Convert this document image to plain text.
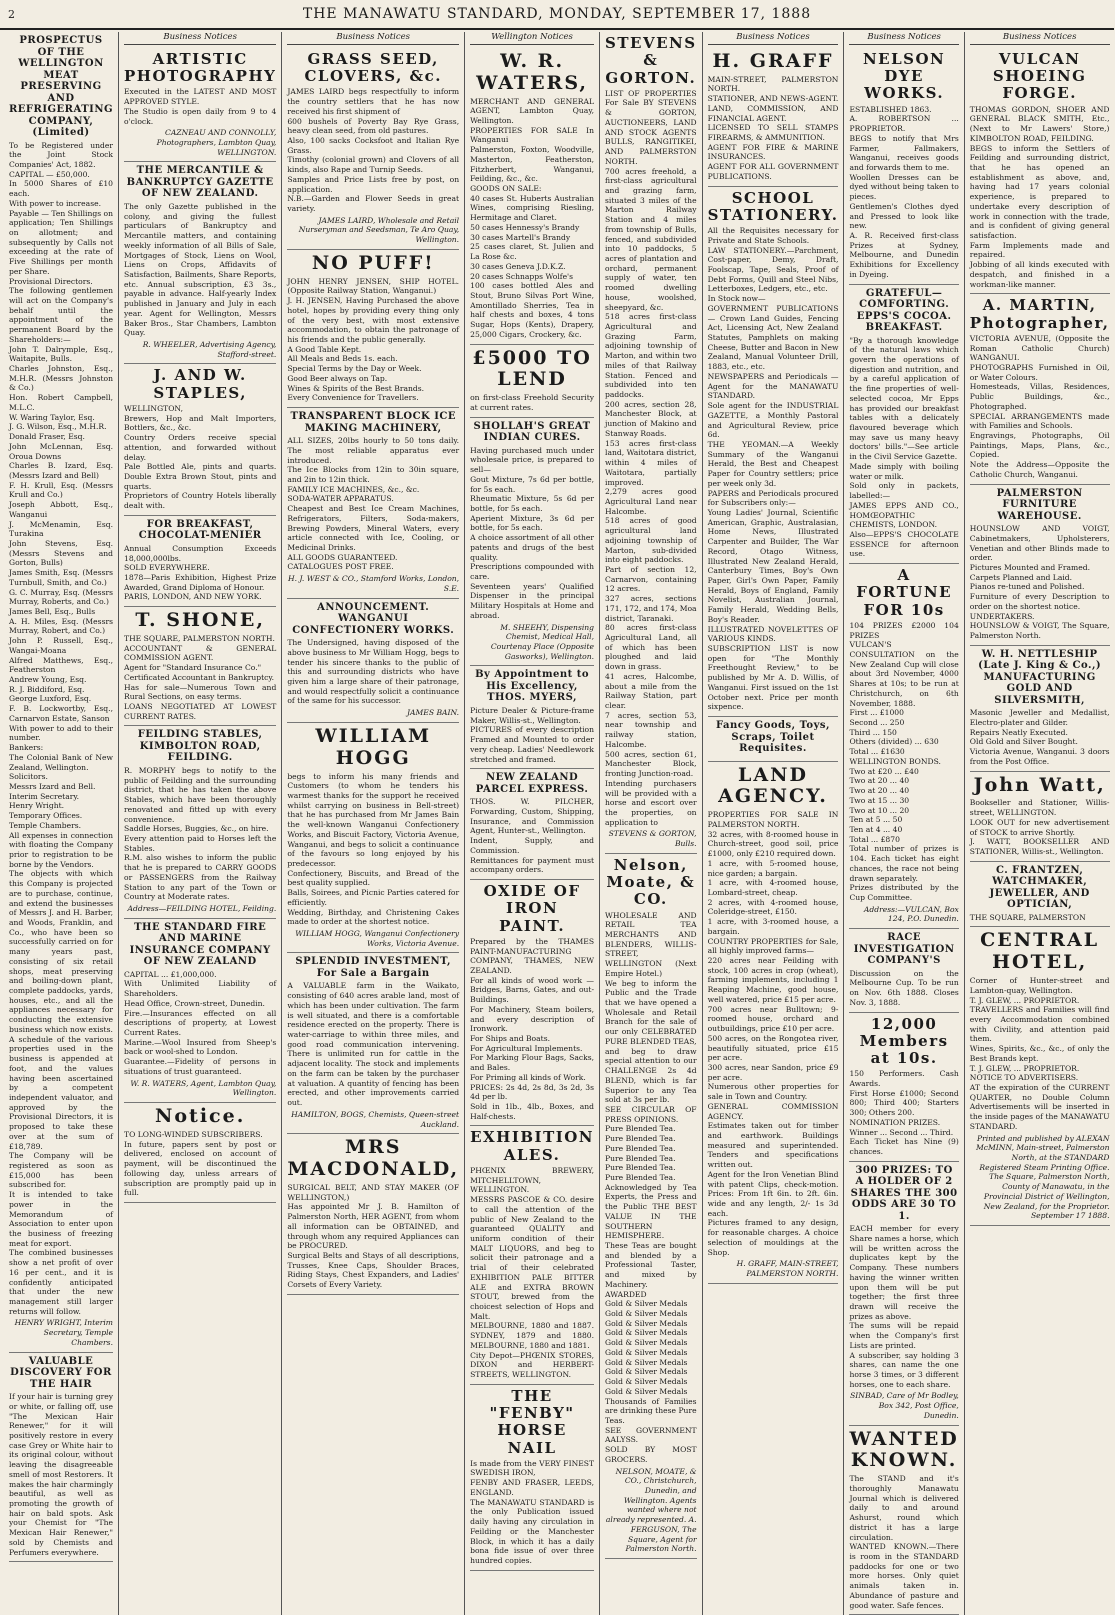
2	THE MANAWATU STANDARD, MONDAY, SEPTEMBER 17, 1888
PROSPECTUS OF THE WELLINGTON MEAT PRESERVING AND REFRIGERATING COMPANY, (Limited)
To be Registered under the Joint Stock Companies' Act, 1882.
CAPITAL — £50,000.
In 5000 Shares of £10 each.
With power to increase.
Payable — Ten Shillings on application; Ten Shillings on allotment; and subsequently by Calls not exceeding at the rate of Five Shillings per month per Share.
Provisional Directors.
The following gentlemen will act on the Company's behalf until the appointment of the permanent Board by the Shareholders:—
John T. Dalrymple, Esq., Waitapite, Bulls.
Charles Johnston, Esq., M.H.R. (Messrs Johnston & Co.)
Hon. Robert Campbell, M.L.C.
W. Waring Taylor, Esq.
J. G. Wilson, Esq., M.H.R.
Donald Fraser, Esq.
John McLennan, Esq. Oroua Downs
Charles B. Izard, Esq. (Messrs Izard and Bell)
F. H. Krull, Esq. (Messrs Krull and Co.)
Joseph Abbott, Esq., Wanganui
J. McMenamin, Esq. Turakina
John Stevens, Esq. (Messrs Stevens and Gorton, Bulls)
James Smith, Esq. (Messrs Turnbull, Smith, and Co.)
G. C. Murray, Esq. (Messrs Murray, Roberts, and Co.)
James Bell, Esq., Bulls
A. H. Miles, Esq. (Messrs Murray, Robert, and Co.)
John P. Russell, Esq., Wangai-Moana
Alfred Matthews, Esq., Featherston
Andrew Young, Esq.
R. J. Biddiford, Esq.
George Luxford, Esq.
F. B. Lockwortby, Esq., Carnarvon Estate, Sanson
With power to add to their number.
Bankers:
The Colonial Bank of New Zealand, Wellington.
Solicitors.
Messrs Izard and Bell.
Interim Secretary.
Henry Wright.
Temporary Offices.
Temple Chambers.
All expenses in connection with floating the Company prior to registration to be borne by the Vendors.
The objects with which this Company is projected are to purchase, continue, and extend the businesses of Messrs J. and H. Barber, and Woods, Franklin, and Co., who have been so successfully carried on for many years past, consisting of six retail shops, meat preserving and boiling-down plant, complete paddocks, yards, houses, etc., and all the appliances necessary for conducting the extensive business which now exists.
A schedule of the various properties used in the business is appended at foot, and the values having been ascertained by a competent independent valuator, and approved by the Provisional Directors, it is proposed to take these over at the sum of £18,789.
The Company will be registered as soon as £15,000 has been subscribed for.
It is intended to take power in the Memorandum of Association to enter upon the business of freezing meat for export.
The combined businesses show a net profit of over 16 per cent., and it is confidently anticipated that under the new management still larger returns will follow.
HENRY WRIGHT, Interim Secretary, Temple Chambers.
VALUABLE DISCOVERY FOR THE HAIR
If your hair is turning grey or white, or falling off, use "The Mexican Hair Renewer," for it will positively restore in every case Grey or White hair to its original colour, without leaving the disagreeable smell of most Restorers. It makes the hair charmingly beautiful, as well as promoting the growth of hair on bald spots. Ask your Chemist for "The Mexican Hair Renewer," sold by Chemists and Perfumers everywhere.
Business Notices
ARTISTIC PHOTOGRAPHY
Executed in the LATEST AND MOST APPROVED STYLE.
The Studio is open daily from 9 to 4 o'clock.
CAZNEAU AND CONNOLLY, Photographers, Lambton Quay, WELLINGTON.
THE MERCANTILE & BANKRUPTCY GAZETTE OF NEW ZEALAND.
The only Gazette published in the colony, and giving the fullest particulars of Bankruptcy and Mercantile matters, and containing weekly information of all Bills of Sale, Mortgages of Stock, Liens on Wool, Liens on Crops, Affidavits of Satisfaction, Bailments, Share Reports, etc. Annual subscription, £3 3s., payable in advance. Half-yearly Index published in January and July in each year. Agent for Wellington, Messrs Baker Bros., Star Chambers, Lambton Quay.
R. WHEELER, Advertising Agency, Stafford-street.
J. AND W. STAPLES,
WELLINGTON,
Brewers, Hop and Malt Importers, Bottlers, &c., &c.
Country Orders receive special attention, and forwarded without delay.
Pale Bottled Ale, pints and quarts. Double Extra Brown Stout, pints and quarts.
Proprietors of Country Hotels liberally dealt with.
FOR BREAKFAST, CHOCOLAT-MENIER
Annual Consumption Exceeds 18,000,000lbs.
SOLD EVERYWHERE.
1878—Paris Exhibition, Highest Prize Awarded, Grand Diploma of Honour.
PARIS, LONDON, AND NEW YORK.
T. SHONE,
THE SQUARE, PALMERSTON NORTH.
ACCOUNTANT & GENERAL COMMISSION AGENT.
Agent for "Standard Insurance Co."
Certificated Accountant in Bankruptcy.
Has for sale—Numerous Town and Rural Sections, on easy terms.
LOANS NEGOTIATED AT LOWEST CURRENT RATES.
FEILDING STABLES, KIMBOLTON ROAD, FEILDING.
R. MORPHY begs to notify to the public of Feilding and the surrounding district, that he has taken the above Stables, which have been thoroughly renovated and fitted up with every convenience.
Saddle Horses, Buggies, &c., on hire.
Every attention paid to Horses left the Stables.
R.M. also wishes to inform the public that he is prepared to CARRY GOODS or PASSENGERS from the Railway Station to any part of the Town or Country at Moderate rates.
Address—FEILDING HOTEL, Feilding.
THE STANDARD FIRE AND MARINE INSURANCE COMPANY OF NEW ZEALAND
CAPITAL ... £1,000,000.
With Unlimited Liability of Shareholders.
Head Office, Crown-street, Dunedin.
Fire.—Insurances effected on all descriptions of property, at Lowest Current Rates.
Marine.—Wool Insured from Sheep's back or wool-shed to London.
Guarantee.—Fidelity of persons in situations of trust guaranteed.
W. R. WATERS, Agent, Lambton Quay, Wellington.
Notice.
TO LONG-WINDED SUBSCRIBERS.
In future, papers sent by post or delivered, enclosed on account of payment, will be discontinued the following day, unless arrears of subscription are promptly paid up in full.
Business Notices
GRASS SEED, CLOVERS, &c.
JAMES LAIRD begs respectfully to inform the country settlers that he has now received his first shipment of
600 bushels of Poverty Bay Rye Grass, heavy clean seed, from old pastures.
Also, 100 sacks Cocksfoot and Italian Rye Grass.
Timothy (colonial grown) and Clovers of all kinds, also Rape and Turnip Seeds.
Samples and Price Lists free by post, on application.
N.B.—Garden and Flower Seeds in great variety.
JAMES LAIRD, Wholesale and Retail Nurseryman and Seedsman, Te Aro Quay, Wellington.
NO PUFF!
JOHN HENRY JENSEN, SHIP HOTEL. (Opposite Railway Station, Wanganui.)
J. H. JENSEN, Having Purchased the above hotel, hopes by providing every thing only of the very best, with most extensive accommodation, to obtain the patronage of his friends and the public generally.
A Good Table Kept.
All Meals and Beds 1s. each.
Special Terms by the Day or Week.
Good Beer always on Tap.
Wines & Spirits of the Best Brands.
Every Convenience for Travellers.
TRANSPARENT BLOCK ICE MAKING MACHINERY,
ALL SIZES, 20lbs hourly to 50 tons daily. The most reliable apparatus ever introduced.
The Ice Blocks from 12in to 30in square, and 2in to 12in thick.
FAMILY ICE MACHINES, &c., &c.
SODA-WATER APPARATUS.
Cheapest and Best Ice Cream Machines, Refrigerators, Filters, Soda-makers, Brewing Powders, Mineral Waters, every article connected with Ice, Cooling, or Medicinal Drinks.
ALL GOODS GUARANTEED.
CATALOGUES POST FREE.
H. J. WEST & CO., Stamford Works, London, S.E.
ANNOUNCEMENT. WANGANUI CONFECTIONERY WORKS.
The Undersigned, having disposed of the above business to Mr William Hogg, begs to tender his sincere thanks to the public of this and surrounding districts who have given him a large share of their patronage, and would respectfully solicit a continuance of the same for his successor.
JAMES BAIN.
WILLIAM HOGG
begs to inform his many friends and Customers (to whom he tenders his warmest thanks for the support he received whilst carrying on business in Bell-street) that he has purchased from Mr James Bain the well-known Wanganui Confectionery Works, and Biscuit Factory, Victoria Avenue, Wanganui, and begs to solicit a continuance of the favours so long enjoyed by his predecessor.
Confectionery, Biscuits, and Bread of the best quality supplied.
Balls, Soirees, and Picnic Parties catered for efficiently.
Wedding, Birthday, and Christening Cakes made to order at the shortest notice.
WILLIAM HOGG, Wanganui Confectionery Works, Victoria Avenue.
SPLENDID INVESTMENT, For Sale a Bargain
A VALUABLE farm in the Waikato, consisting of 640 acres arable land, most of which has been under cultivation. The farm is well situated, and there is a comfortable residence erected on the property. There is water-carriage to within three miles, and good road communication intervening. There is unlimited run for cattle in the adjacent locality. The stock and implements on the farm can be taken by the purchaser at valuation. A quantity of fencing has been erected, and other improvements carried out.
HAMILTON, BOGS, Chemists, Queen-street Auckland.
MRS MACDONALD,
SURGICAL BELT, AND STAY MAKER (OF WELLINGTON,)
Has appointed Mr J. B. Hamilton of Palmerston North, HER AGENT, from whom all information can be OBTAINED, and through whom any required Appliances can be PROCURED.
Surgical Belts and Stays of all descriptions, Trusses, Knee Caps, Shoulder Braces, Riding Stays, Chest Expanders, and Ladies' Corsets of Every Variety.
Wellington Notices
W. R. WATERS,
MERCHANT AND GENERAL AGENT, Lambton Quay, Wellington.
PROPERTIES FOR SALE In Wanganui
Palmerston, Foxton, Woodville, Masterton, Featherston, Fitzherbert, Wanganui, Feilding, &c., &c.
GOODS ON SALE:
40 cases St. Huberts Australian Wines, comprising Riesling, Hermitage and Claret.
50 cases Hennessy's Brandy
30 cases Martell's Brandy
25 cases claret, St. Julien and La Rose &c.
30 cases Geneva J.D.K.Z.
20 cases Schnapps Wolfe's
100 cases bottled Ales and Stout, Bruno Silvas Port Wine, Amontillado Sherries, Tea in half chests and boxes, 4 tons Sugar, Hops (Kents), Drapery, 25,000 Cigars, Crockery, &c.
£5000 TO LEND
on first-class Freehold Security at current rates.
SHOLLAH'S GREAT INDIAN CURES.
Having purchased much under wholesale price, is prepared to sell—
Gout Mixture, 7s 6d per bottle, for 5s each.
Rheumatic Mixture, 5s 6d per bottle, for 5s each.
Aperient Mixture, 3s 6d per bottle, for 5s each.
A choice assortment of all other patents and drugs of the best quality.
Prescriptions compounded with care.
Seventeen years' Qualified Dispenser in the principal Military Hospitals at Home and abroad.
M. SHEEHY, Dispensing Chemist, Medical Hall, Courtenay Place (Opposite Gasworks), Wellington.
By Appointment to His Excellency, THOS. MYERS,
Picture Dealer & Picture-frame Maker, Willis-st., Wellington.
PICTURES of every description Framed and Mounted to order very cheap. Ladies' Needlework stretched and framed.
NEW ZEALAND PARCEL EXPRESS.
THOS. W. PILCHER, Forwarding, Custom, Shipping, Insurance, and Commission Agent, Hunter-st., Wellington.
Indent, Supply, and Commission.
Remittances for payment must accompany orders.
OXIDE OF IRON PAINT.
Prepared by the THAMES PAINT-MANUFACTURING COMPANY, THAMES, NEW ZEALAND.
For all kinds of wood work — Bridges, Barns, Gates, and out-Buildings.
For Machinery, Steam boilers, and every description of Ironwork.
For Ships and Boats.
For Agricultural Implements.
For Marking Flour Bags, Sacks, and Bales.
For Priming all kinds of Work.
PRICES: 2s 4d, 2s 8d, 3s 2d, 3s 4d per lb.
Sold in 1lb., 4lb., Boxes, and Half-chests.
EXHIBITION ALES.
PHŒNIX BREWERY, MITCHELLTOWN, WELLINGTON.
MESSRS PASCOE & CO. desire to call the attention of the public of New Zealand to the guaranteed QUALITY and uniform condition of their MALT LIQUORS, and beg to solicit their patronage and a trial of their celebrated EXHIBITION PALE BITTER ALE and EXTRA BROWN STOUT, brewed from the choicest selection of Hops and Malt.
MELBOURNE, 1880 and 1887. SYDNEY, 1879 and 1880. MELBOURNE, 1880 and 1881.
City Depot—PHŒNIX STORES, DIXON and HERBERT-STREETS, WELLINGTON.
THE "FENBY" HORSE NAIL
Is made from the VERY FINEST SWEDISH IRON,
FENBY AND FRASER, LEEDS, ENGLAND.
The MANAWATU STANDARD is the only Publication issued daily having any circulation in Feilding or the Manchester Block, in which it has a daily bona fide issue of over three hundred copies.
STEVENS & GORTON.
LIST OF PROPERTIES For Sale BY STEVENS & GORTON, AUCTIONEERS, LAND AND STOCK AGENTS BULLS, RANGITIKEI, AND PALMERSTON NORTH.
700 acres freehold, a first-class agricultural and grazing farm, situated 3 miles of the Marton Railway Station and 4 miles from township of Bulls, fenced, and subdivided into 10 paddocks, 5 acres of plantation and orchard, permanent supply of water, ten roomed dwelling house, woolshed, sheepyard, &c.
518 acres first-class Agricultural and Grazing Farm, adjoining township of Marton, and within two miles of that Railway Station. Fenced and subdivided into ten paddocks.
200 acres, section 28, Manchester Block, at junction of Makino and Stanway Roads.
153 acres first-class land, Waitotara district, within 4 miles of Waitotara, partially improved.
2,279 acres good Agricultural Land near Halcombe.
518 acres of good agricultural land adjoining township of Marton, sub-divided into eight paddocks.
Part of section 12, Carnarvon, containing 12 acres.
327 acres, sections 171, 172, and 174, Moa district, Taranaki.
80 acres first-class Agricultural Land, all of which has been ploughed and laid down in grass.
41 acres, Halcombe, about a mile from the Railway Station, part clear.
7 acres, section 53, near township and railway station, Halcombe.
500 acres, section 61, Manchester Block, fronting Junction-road.
Intending purchasers will be provided with a horse and escort over the properties, on application to
STEVENS & GORTON, Bulls.
Nelson, Moate, & CO.
WHOLESALE AND RETAIL TEA MERCHANTS AND BLENDERS, WILLIS-STREET, WELLINGTON (Next Empire Hotel.)
We beg to inform the Public and the Trade that we have opened a Wholesale and Retail Branch for the sale of our only CELEBRATED PURE BLENDED TEAS, and beg to draw special attention to our CHALLENGE 2s 4d BLEND, which is far Superior to any Tea sold at 3s per lb.
SEE CIRCULAR OF PRESS OPINIONS.
Pure Blended Tea.
Pure Blended Tea.
Pure Blended Tea.
Pure Blended Tea.
Pure Blended Tea.
Pure Blended Tea.
Acknowledged by Tea Experts, the Press and the Public THE BEST VALUE IN THE SOUTHERN HEMISPHERE.
These Teas are bought and blended by a Professional Taster, and mixed by Machinery.
AWARDED
Gold & Silver Medals
Gold & Silver Medals
Gold & Silver Medals
Gold & Silver Medals
Gold & Silver Medals
Gold & Silver Medals
Gold & Silver Medals
Gold & Silver Medals
Gold & Silver Medals
Gold & Silver Medals
Thousands of Families are drinking these Pure Teas.
SEE GOVERNMENT AALYSS.
SOLD BY MOST GROCERS.
NELSON, MOATE, & CO., Christchurch, Dunedin, and Wellington. Agents wanted where not already represented. A. FERGUSON, The Square, Agent for Palmerston North.
Business Notices
H. GRAFF
MAIN-STREET, PALMERSTON NORTH.
STATIONER, AND NEWS-AGENT.
LAND, COMMISSION, AND FINANCIAL AGENT.
LICENSED TO SELL STAMPS FIREARMS, & AMMUNITION.
AGENT FOR FIRE & MARINE INSURANCES.
AGENT FOR ALL GOVERNMENT PUBLICATIONS.
SCHOOL STATIONERY.
All the Requisites necessary for Private and State Schools.
LAW STATIONERY.—Parchment, Cost-paper, Demy, Draft, Foolscap, Tape, Seals, Proof of Debt Forms, Quill and Steel Nibs, Letterboxes, Ledgers, etc., etc.
In Stock now—
GOVERNMENT PUBLICATIONS — Crown Land Guides, Fencing Act, Licensing Act, New Zealand Statutes, Pamphlets on making Cheese, Butter and Bacon in New Zealand, Manual Volunteer Drill, 1883, etc., etc.
NEWSPAPERS and Periodicals — Agent for the MANAWATU STANDARD.
Sole agent for the INDUSTRIAL GAZETTE, a Monthly Pastoral and Agricultural Review, price 6d.
THE YEOMAN.—A Weekly Summary of the Wanganui Herald, the Best and Cheapest Paper for Country settlers; price per week only 3d.
PAPERS and Periodicals procured for Subscribers only:—
Young Ladies' Journal, Scientific American, Graphic, Australasian, Home News, Illustrated Carpenter and Builder, The War Record, Otago Witness, Illustrated New Zealand Herald, Canterbury Times, Boy's Own Paper, Girl's Own Paper, Family Herald, Boys of England, Family Novelist, Australian Journal, Family Herald, Wedding Bells, Boy's Reader.
ILLUSTRATED NOVELETTES OF VARIOUS KINDS.
SUBSCRIPTION LIST is now open for "The Monthly Freethought Review," to be published by Mr A. D. Willis, of Wanganui. First issued on the 1st October next. Price per month sixpence.
Fancy Goods, Toys, Scraps, Toilet Requisites.
LAND AGENCY.
PROPERTIES FOR SALE IN PALMERSTON NORTH.
32 acres, with 8-roomed house in Church-street, good soil, price £1000, only £210 required down.
1 acre, with 5-roomed house, nice garden; a bargain.
1 acre, with 4-roomed house, Lombard-street, cheap.
2 acres, with 4-roomed house, Coleridge-street, £150.
1 acre, with 3-roomed house, a bargain.
COUNTRY PROPERTIES for Sale, all highly improved farms—
220 acres near Feilding with stock, 100 acres in crop (wheat), farming implements, including 1 Reaping Machine, good house, well watered, price £15 per acre.
700 acres near Bulltown; 9-roomed house, orchard and outbuildings, price £10 per acre.
500 acres, on the Rongotea river, beautifully situated, price £15 per acre.
300 acres, near Sandon, price £9 per acre.
Numerous other properties for sale in Town and Country.
GENERAL COMMISSION AGENCY.
Estimates taken out for timber and earthwork. Buildings measured and superintended. Tenders and specifications written out.
Agent for the Iron Venetian Blind with patent Clips, check-motion. Prices: From 1ft 6in. to 2ft. 6in. wide and any length, 2/- 1s 3d each.
Pictures framed to any design, for reasonable charges. A choice selection of mouldings at the Shop.
H. GRAFF, MAIN-STREET, PALMERSTON NORTH.
Business Notices
NELSON DYE WORKS.
ESTABLISHED 1863.
A. ROBERTSON ... PROPRIETOR.
BEGS to notify that Mrs Farmer, Fallmakers, Wanganui, receives goods and forwards them to me.
Woollen Dresses can be dyed without being taken to pieces.
Gentlemen's Clothes dyed and Pressed to look like new.
A. R. Received first-class Prizes at Sydney, Melbourne, and Dunedin Exhibitions for Excellency in Dyeing.
GRATEFUL—COMFORTING. EPPS'S COCOA. BREAKFAST.
"By a thorough knowledge of the natural laws which govern the operations of digestion and nutrition, and by a careful application of the fine properties of well-selected cocoa, Mr Epps has provided our breakfast tables with a delicately flavoured beverage which may save us many heavy doctors' bills."—See article in the Civil Service Gazette.
Made simply with boiling water or milk.
Sold only in packets, labelled:—
JAMES EPPS AND CO., HOMŒOPATHIC CHEMISTS, LONDON.
Also—EPPS'S CHOCOLATE ESSENCE for afternoon use.
A FORTUNE FOR 10s
104 PRIZES £2000 104 PRIZES
VULCAN'S CONSULTATION on the New Zealand Cup will close about 3rd November, 4000 Shares at 10s; to be run at Christchurch, on 6th November, 1888.
First ... £1000
Second ... 250
Third ... 150
Others (divided) ... 630
Total ... £1630
WELLINGTON BONDS.
Two at £20 ... £40
Two at 20 ... 40
Two at 20 ... 40
Two at 15 ... 30
Two at 10 ... 20
Ten at 5 ... 50
Ten at 4 ... 40
Total ... £870
Total number of prizes is 104. Each ticket has eight chances, the race not being drawn separately.
Prizes distributed by the Cup Committee.
Address:—VULCAN, Box 124, P.O. Dunedin.
RACE INVESTIGATION COMPANY'S
Discussion on the Melbourne Cup. To be run on Nov. 6th 1888. Closes Nov. 3, 1888.
12,000 Members at 10s.
150 Performers. Cash Awards.
First Horse £1000; Second 800; Third 400; Starters 300; Others 200.
NOMINATION PRIZES.
Winner ... Second ... Third.
Each Ticket has Nine (9) chances.
300 PRIZES: TO A HOLDER OF 2 SHARES THE 300 ODDS ARE 30 TO 1.
EACH member for every Share names a horse, which will be written across the duplicates kept by the Company. These numbers having the winner written upon them will be put together; the first three drawn will receive the prizes as above.
The sums will be repaid when the Company's first Lists are printed.
A subscriber, say holding 3 shares, can name the one horse 3 times, or 3 different horses, one to each share.
SINBAD, Care of Mr Bodley, Box 342, Post Office, Dunedin.
WANTED KNOWN.
The STAND and it's thoroughly Manawatu Journal which is delivered daily to and around Ashurst, round which district it has a large circulation.
WANTED KNOWN.—There is room in the STANDARD paddocks for one or two more horses. Only quiet animals taken in. Abundance of pasture and good water. Safe fences.
Business Notices
VULCAN SHOEING FORGE.
THOMAS GORDON, SHOER AND GENERAL BLACK SMITH, Etc., (Next to Mr Lawers' Store,) KIMBOLTON ROAD, FEILDING.
BEGS to inform the Settlers of Feilding and surrounding district, that he has opened an establishment as above, and, having had 17 years colonial experience, is prepared to undertake every description of work in connection with the trade, and is confident of giving general satisfaction.
Farm Implements made and repaired.
Jobbing of all kinds executed with despatch, and finished in a workman-like manner.
A. MARTIN, Photographer,
VICTORIA AVENUE, (Opposite the Roman Catholic Church) WANGANUI.
PHOTOGRAPHS Furnished in Oil, or Water Colours.
Homesteads, Villas, Residences, Public Buildings, &c., Photographed.
SPECIAL ARRANGEMENTS made with Families and Schools.
Engravings, Photographs, Oil Paintings, Maps, Plans, &c., Copied.
Note the Address—Opposite the Catholic Church, Wanganui.
PALMERSTON FURNITURE WAREHOUSE.
HOUNSLOW AND VOIGT, Cabinetmakers, Upholsterers, Venetian and other Blinds made to order.
Pictures Mounted and Framed.
Carpets Planned and Laid.
Pianos re-tuned and Polished.
Furniture of every Description to order on the shortest notice.
UNDERTAKERS.
HOUNSLOW & VOIGT, The Square, Palmerston North.
W. H. NETTLESHIP (Late J. King & Co.,) MANUFACTURING GOLD AND SILVERSMITH,
Masonic Jeweller and Medallist, Electro-plater and Gilder.
Repairs Neatly Executed.
Old Gold and Silver Bought.
Victoria Avenue, Wanganui. 3 doors from the Post Office.
John Watt,
Bookseller and Stationer, Willis-street, WELLINGTON.
LOOK OUT for new advertisement of STOCK to arrive Shortly.
J. WATT, BOOKSELLER AND STATIONER, Willis-st., Wellington.
C. FRANTZEN, WATCHMAKER, JEWELLER, AND OPTICIAN,
THE SQUARE, PALMERSTON
CENTRAL HOTEL,
Corner of Hunter-street and Lambton-quay, Wellington.
T. J. GLEW, ... PROPRIETOR.
TRAVELLERS and Families will find every Accommodation combined with Civility, and attention paid them.
Wines, Spirits, &c., &c., of only the Best Brands kept.
T. J. GLEW, ... PROPRIETOR.
NOTICE TO ADVERTISERS.
AT the expiration of the CURRENT QUARTER, no Double Column Advertisements will be inserted in the inside pages of the MANAWATU STANDARD.
Printed and published by ALEXAN McMINN, Main-street, Palmerston North, at the STANDARD Registered Steam Printing Office. The Square, Palmerston North, County of Manawatu, in the Provincial District of Wellington, New Zealand, for the Proprietor. September 17 1888.
